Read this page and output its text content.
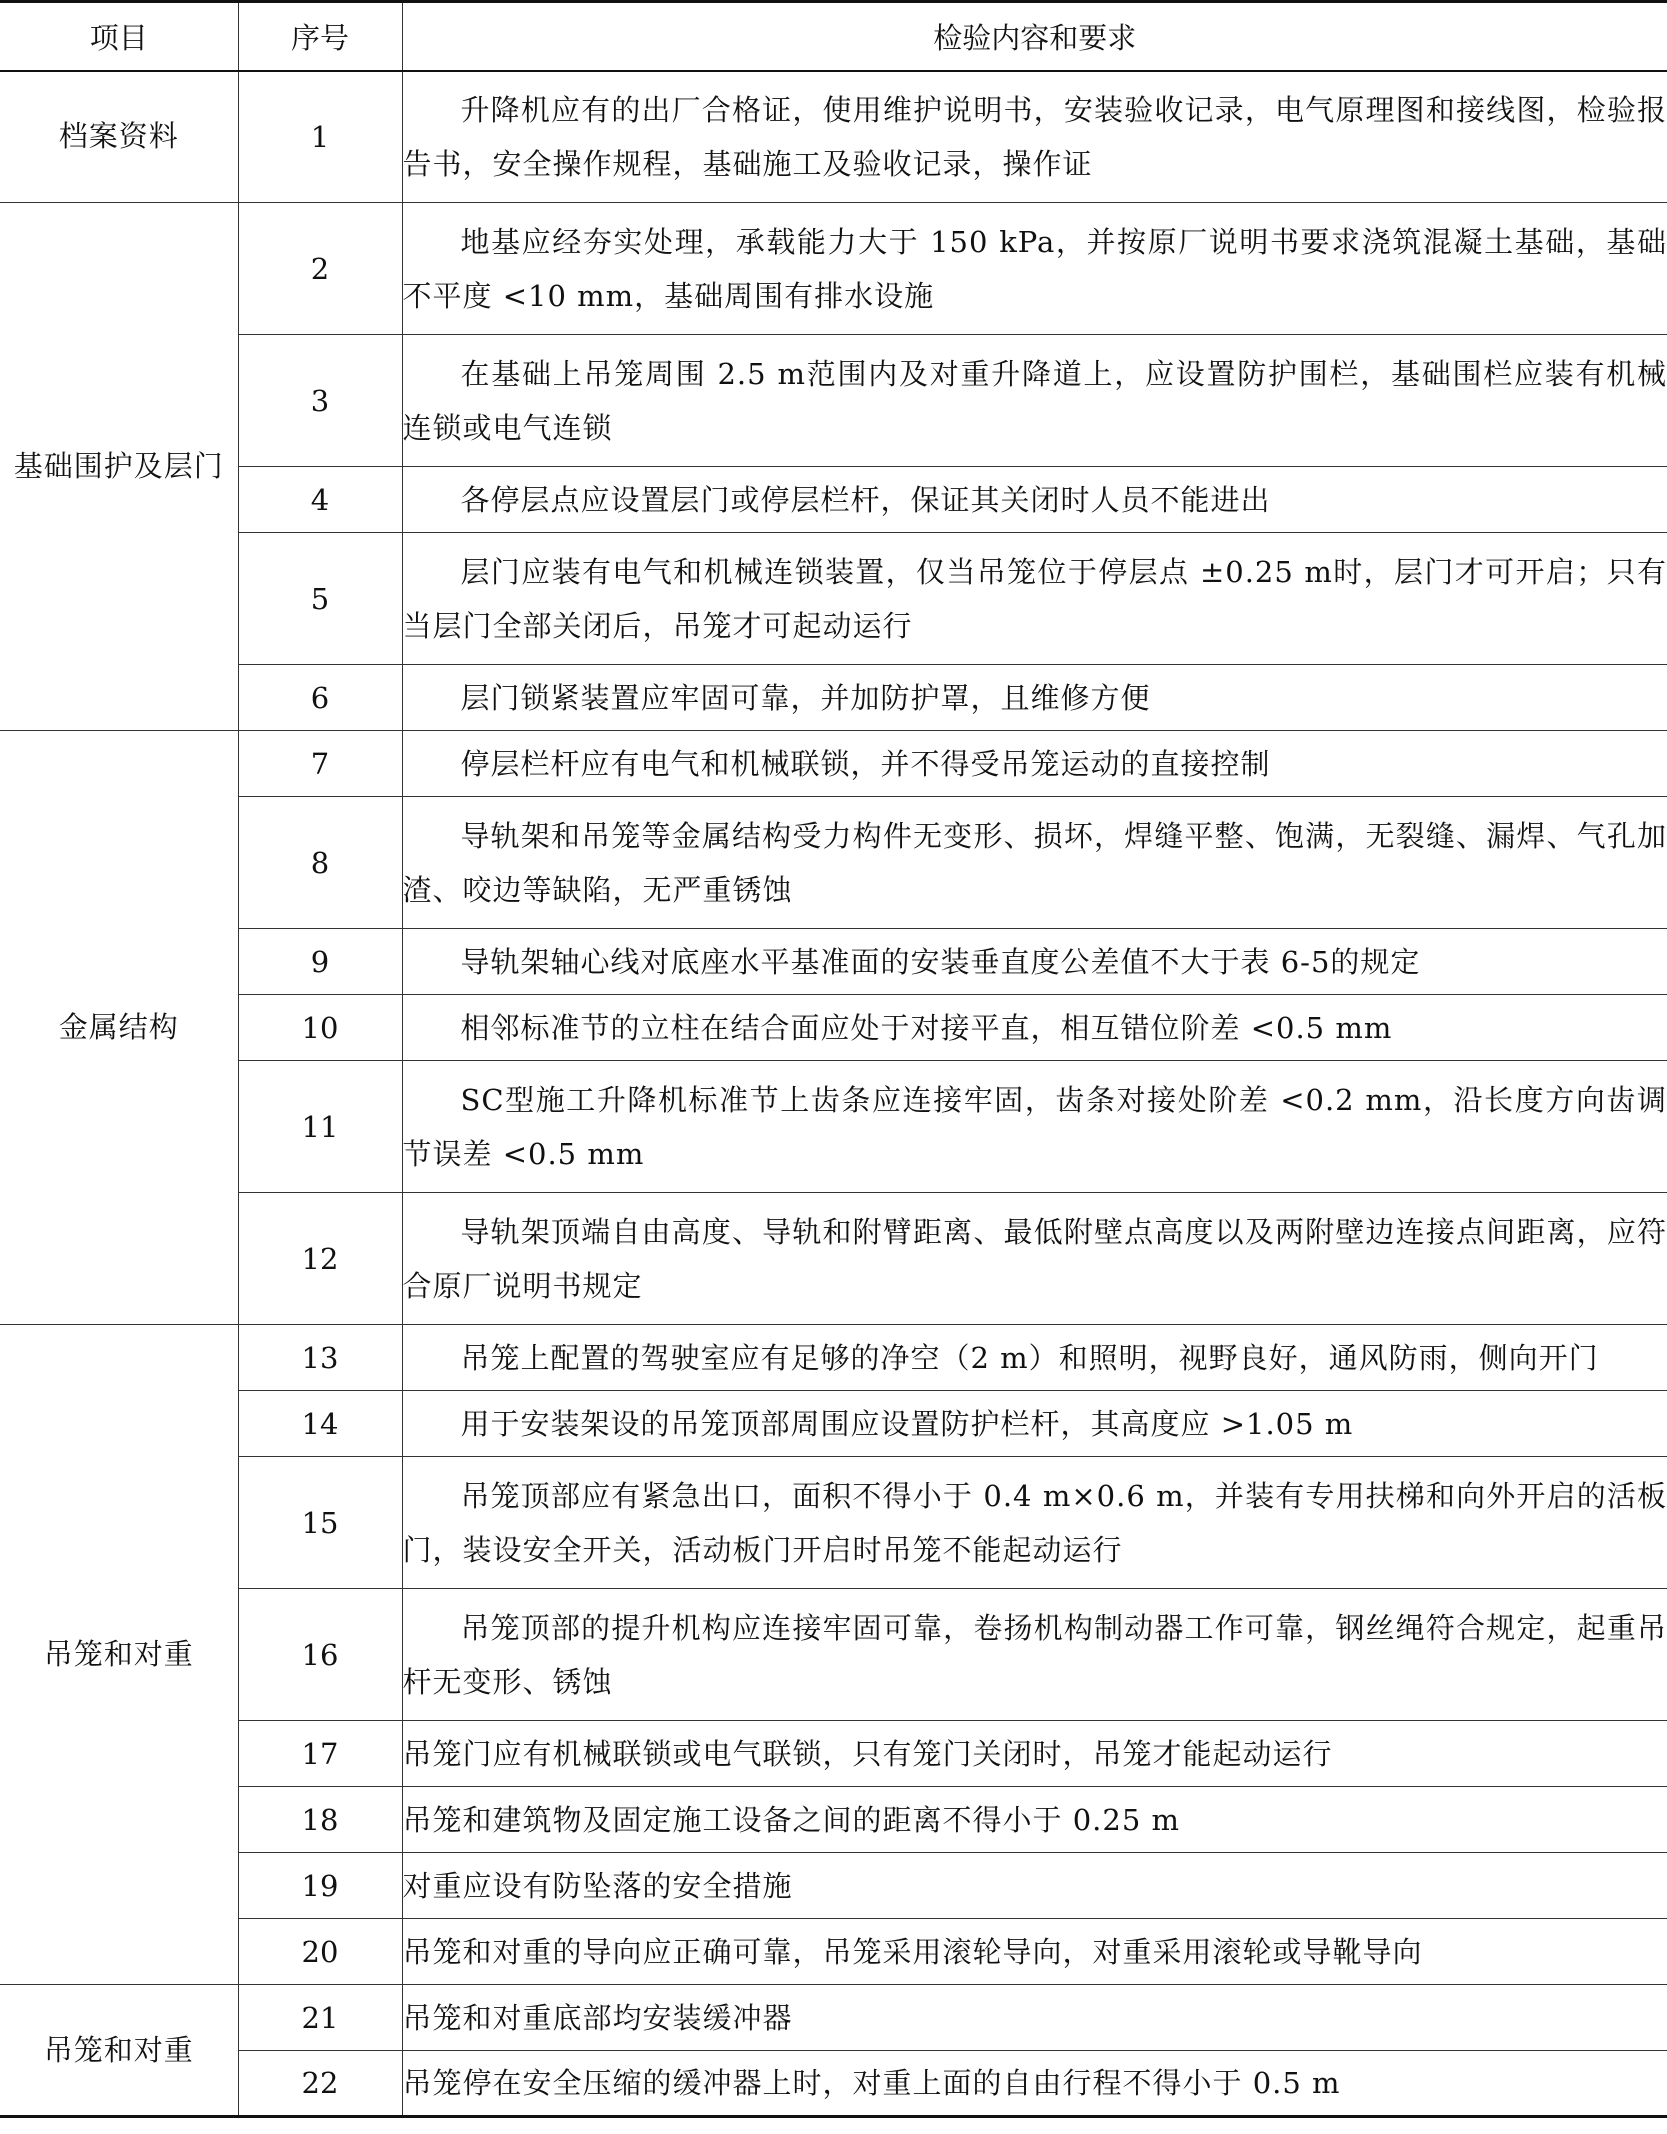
项目	序号	检验内容和要求
档案资料	1	升降机应有的出厂合格证，使用维护说明书，安装验收记录，电气原理图和接线图，检验报告书，安全操作规程，基础施工及验收记录，操作证
基础围护及层门	2	地基应经夯实处理，承载能力大于 150 kPa，并按原厂说明书要求浇筑混凝土基础，基础不平度 <10 mm，基础周围有排水设施
	3	在基础上吊笼周围 2.5 m范围内及对重升降道上，应设置防护围栏，基础围栏应装有机械连锁或电气连锁
	4	各停层点应设置层门或停层栏杆，保证其关闭时人员不能进出
	5	层门应装有电气和机械连锁装置，仅当吊笼位于停层点 ±0.25 m时，层门才可开启；只有当层门全部关闭后，吊笼才可起动运行
	6	层门锁紧装置应牢固可靠，并加防护罩，且维修方便
金属结构	7	停层栏杆应有电气和机械联锁，并不得受吊笼运动的直接控制
	8	导轨架和吊笼等金属结构受力构件无变形、损坏，焊缝平整、饱满，无裂缝、漏焊、气孔加渣、咬边等缺陷，无严重锈蚀
	9	导轨架轴心线对底座水平基准面的安装垂直度公差值不大于表 6-5的规定
	10	相邻标准节的立柱在结合面应处于对接平直，相互错位阶差 <0.5 mm
	11	SC型施工升降机标准节上齿条应连接牢固，齿条对接处阶差 <0.2 mm，沿长度方向齿调节误差 <0.5 mm
	12	导轨架顶端自由高度、导轨和附臂距离、最低附壁点高度以及两附壁边连接点间距离，应符合原厂说明书规定
吊笼和对重	13	吊笼上配置的驾驶室应有足够的净空（2 m）和照明，视野良好，通风防雨，侧向开门
	14	用于安装架设的吊笼顶部周围应设置防护栏杆，其高度应 >1.05 m
	15	吊笼顶部应有紧急出口，面积不得小于 0.4 m×0.6 m，并装有专用扶梯和向外开启的活板门，装设安全开关，活动板门开启时吊笼不能起动运行
	16	吊笼顶部的提升机构应连接牢固可靠，卷扬机构制动器工作可靠，钢丝绳符合规定，起重吊杆无变形、锈蚀
	17	吊笼门应有机械联锁或电气联锁，只有笼门关闭时，吊笼才能起动运行
	18	吊笼和建筑物及固定施工设备之间的距离不得小于 0.25 m
	19	对重应设有防坠落的安全措施
	20	吊笼和对重的导向应正确可靠，吊笼采用滚轮导向，对重采用滚轮或导靴导向
吊笼和对重	21	吊笼和对重底部均安装缓冲器
	22	吊笼停在安全压缩的缓冲器上时，对重上面的自由行程不得小于 0.5 m
